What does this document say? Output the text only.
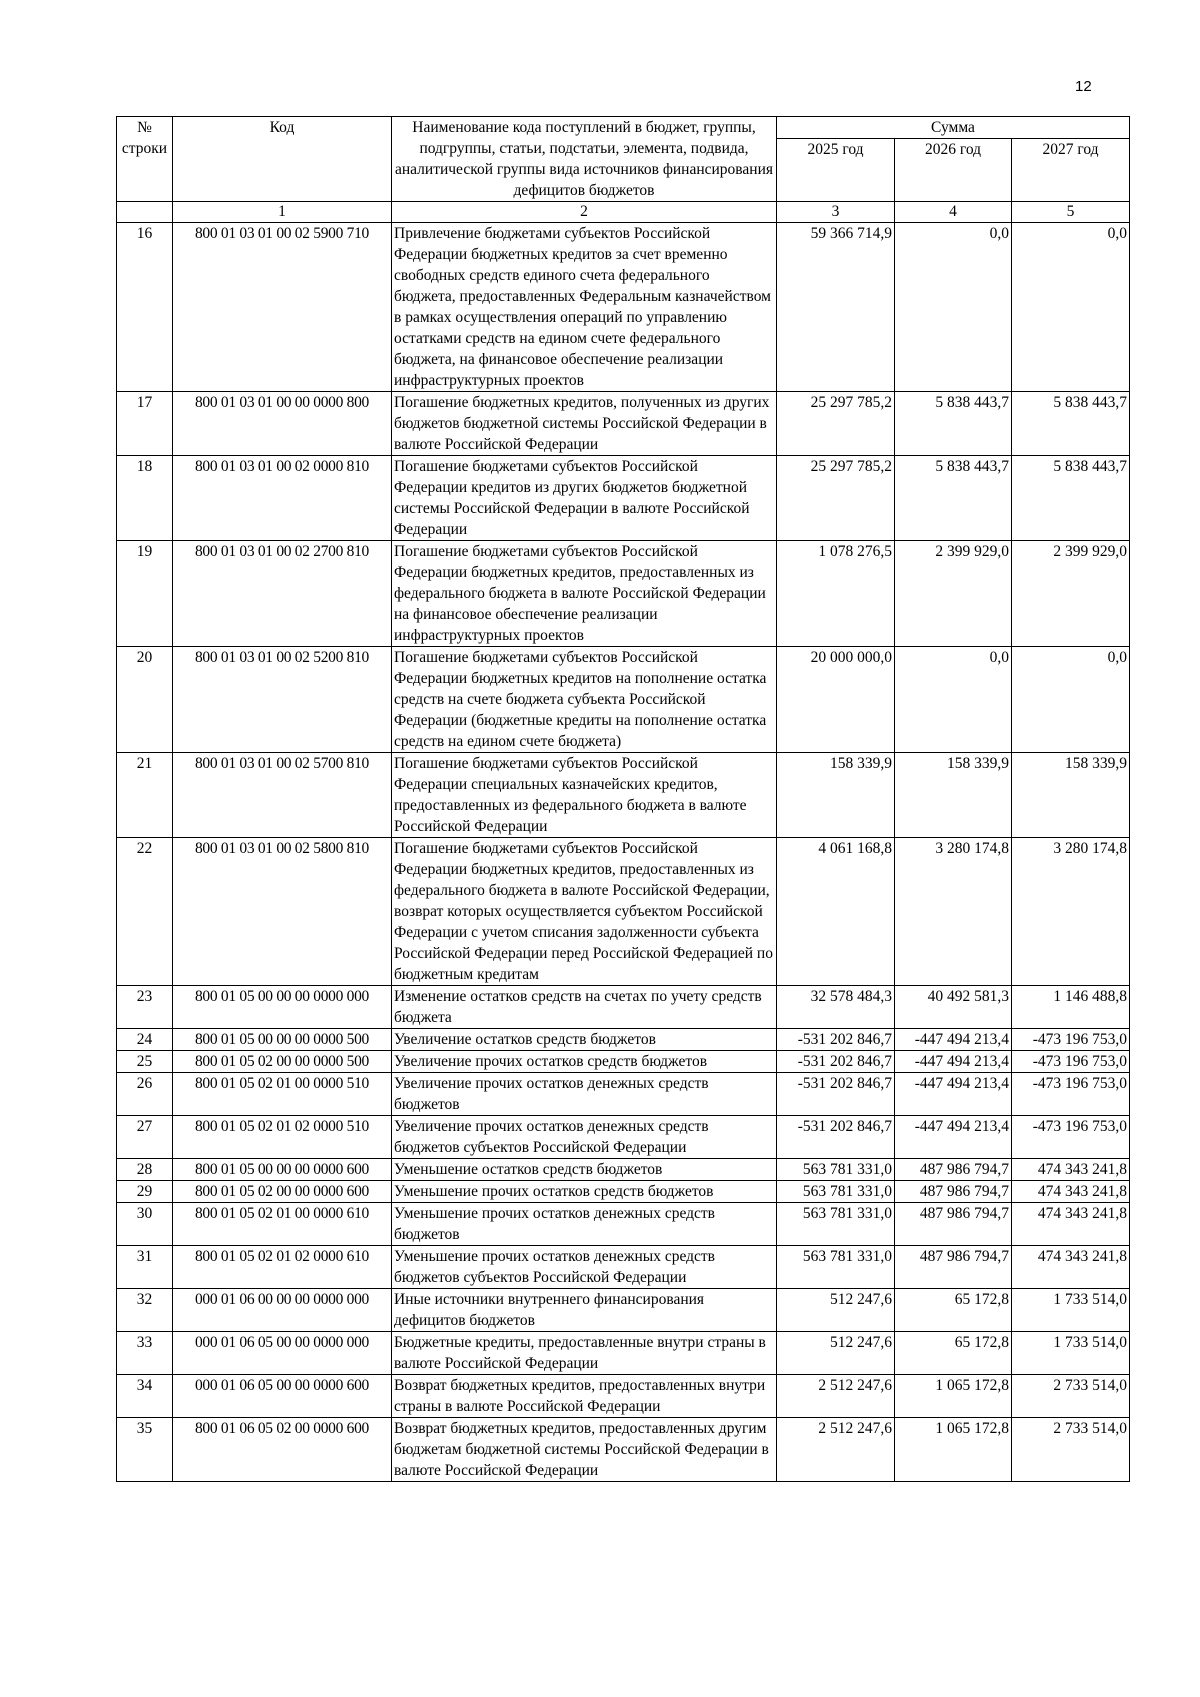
12
№ строки	Код	Наименование кода поступлений в бюджет, группы, подгруппы, статьи, подстатьи, элемента, подвида, аналитической группы вида источников финансирования дефицитов бюджетов	Сумма		
			2025 год	2026 год	2027 год
	1	2	3	4	5
16	800 01 03 01 00 02 5900 710	Привлечение бюджетами субъектов Российской Федерации бюджетных кредитов за счет временно свободных средств единого счета федерального бюджета, предоставленных Федеральным казначейством в рамках осуществления операций по управлению остатками средств на едином счете федерального бюджета, на финансовое обеспечение реализации инфраструктурных проектов	59 366 714,9	0,0	0,0
17	800 01 03 01 00 00 0000 800	Погашение бюджетных кредитов, полученных из других бюджетов бюджетной системы Российской Федерации в валюте Российской Федерации	25 297 785,2	5 838 443,7	5 838 443,7
18	800 01 03 01 00 02 0000 810	Погашение бюджетами субъектов Российской Федерации кредитов из других бюджетов бюджетной системы Российской Федерации в валюте Российской Федерации	25 297 785,2	5 838 443,7	5 838 443,7
19	800 01 03 01 00 02 2700 810	Погашение бюджетами субъектов Российской Федерации бюджетных кредитов, предоставленных из федерального бюджета в валюте Российской Федерации на финансовое обеспечение реализации инфраструктурных проектов	1 078 276,5	2 399 929,0	2 399 929,0
20	800 01 03 01 00 02 5200 810	Погашение бюджетами субъектов Российской Федерации бюджетных кредитов на пополнение остатка средств на счете бюджета субъекта Российской Федерации (бюджетные кредиты на пополнение остатка средств на едином счете бюджета)	20 000 000,0	0,0	0,0
21	800 01 03 01 00 02 5700 810	Погашение бюджетами субъектов Российской Федерации специальных казначейских кредитов, предоставленных из федерального бюджета в валюте Российской Федерации	158 339,9	158 339,9	158 339,9
22	800 01 03 01 00 02 5800 810	Погашение бюджетами субъектов Российской Федерации бюджетных кредитов, предоставленных из федерального бюджета в валюте Российской Федерации, возврат которых осуществляется субъектом Российской Федерации с учетом списания задолженности субъекта Российской Федерации перед Российской Федерацией по бюджетным кредитам	4 061 168,8	3 280 174,8	3 280 174,8
23	800 01 05 00 00 00 0000 000	Изменение остатков средств на счетах по учету средств бюджета	32 578 484,3	40 492 581,3	1 146 488,8
24	800 01 05 00 00 00 0000 500	Увеличение остатков средств бюджетов	-531 202 846,7	-447 494 213,4	-473 196 753,0
25	800 01 05 02 00 00 0000 500	Увеличение прочих остатков средств бюджетов	-531 202 846,7	-447 494 213,4	-473 196 753,0
26	800 01 05 02 01 00 0000 510	Увеличение прочих остатков денежных средств бюджетов	-531 202 846,7	-447 494 213,4	-473 196 753,0
27	800 01 05 02 01 02 0000 510	Увеличение прочих остатков денежных средств бюджетов субъектов Российской Федерации	-531 202 846,7	-447 494 213,4	-473 196 753,0
28	800 01 05 00 00 00 0000 600	Уменьшение остатков средств бюджетов	563 781 331,0	487 986 794,7	474 343 241,8
29	800 01 05 02 00 00 0000 600	Уменьшение прочих остатков средств бюджетов	563 781 331,0	487 986 794,7	474 343 241,8
30	800 01 05 02 01 00 0000 610	Уменьшение прочих остатков денежных средств бюджетов	563 781 331,0	487 986 794,7	474 343 241,8
31	800 01 05 02 01 02 0000 610	Уменьшение прочих остатков денежных средств бюджетов субъектов Российской Федерации	563 781 331,0	487 986 794,7	474 343 241,8
32	000 01 06 00 00 00 0000 000	Иные источники внутреннего финансирования дефицитов бюджетов	512 247,6	65 172,8	1 733 514,0
33	000 01 06 05 00 00 0000 000	Бюджетные кредиты, предоставленные внутри страны в валюте Российской Федерации	512 247,6	65 172,8	1 733 514,0
34	000 01 06 05 00 00 0000 600	Возврат бюджетных кредитов, предоставленных внутри страны в валюте Российской Федерации	2 512 247,6	1 065 172,8	2 733 514,0
35	800 01 06 05 02 00 0000 600	Возврат бюджетных кредитов, предоставленных другим бюджетам бюджетной системы Российской Федерации в валюте Российской Федерации	2 512 247,6	1 065 172,8	2 733 514,0
